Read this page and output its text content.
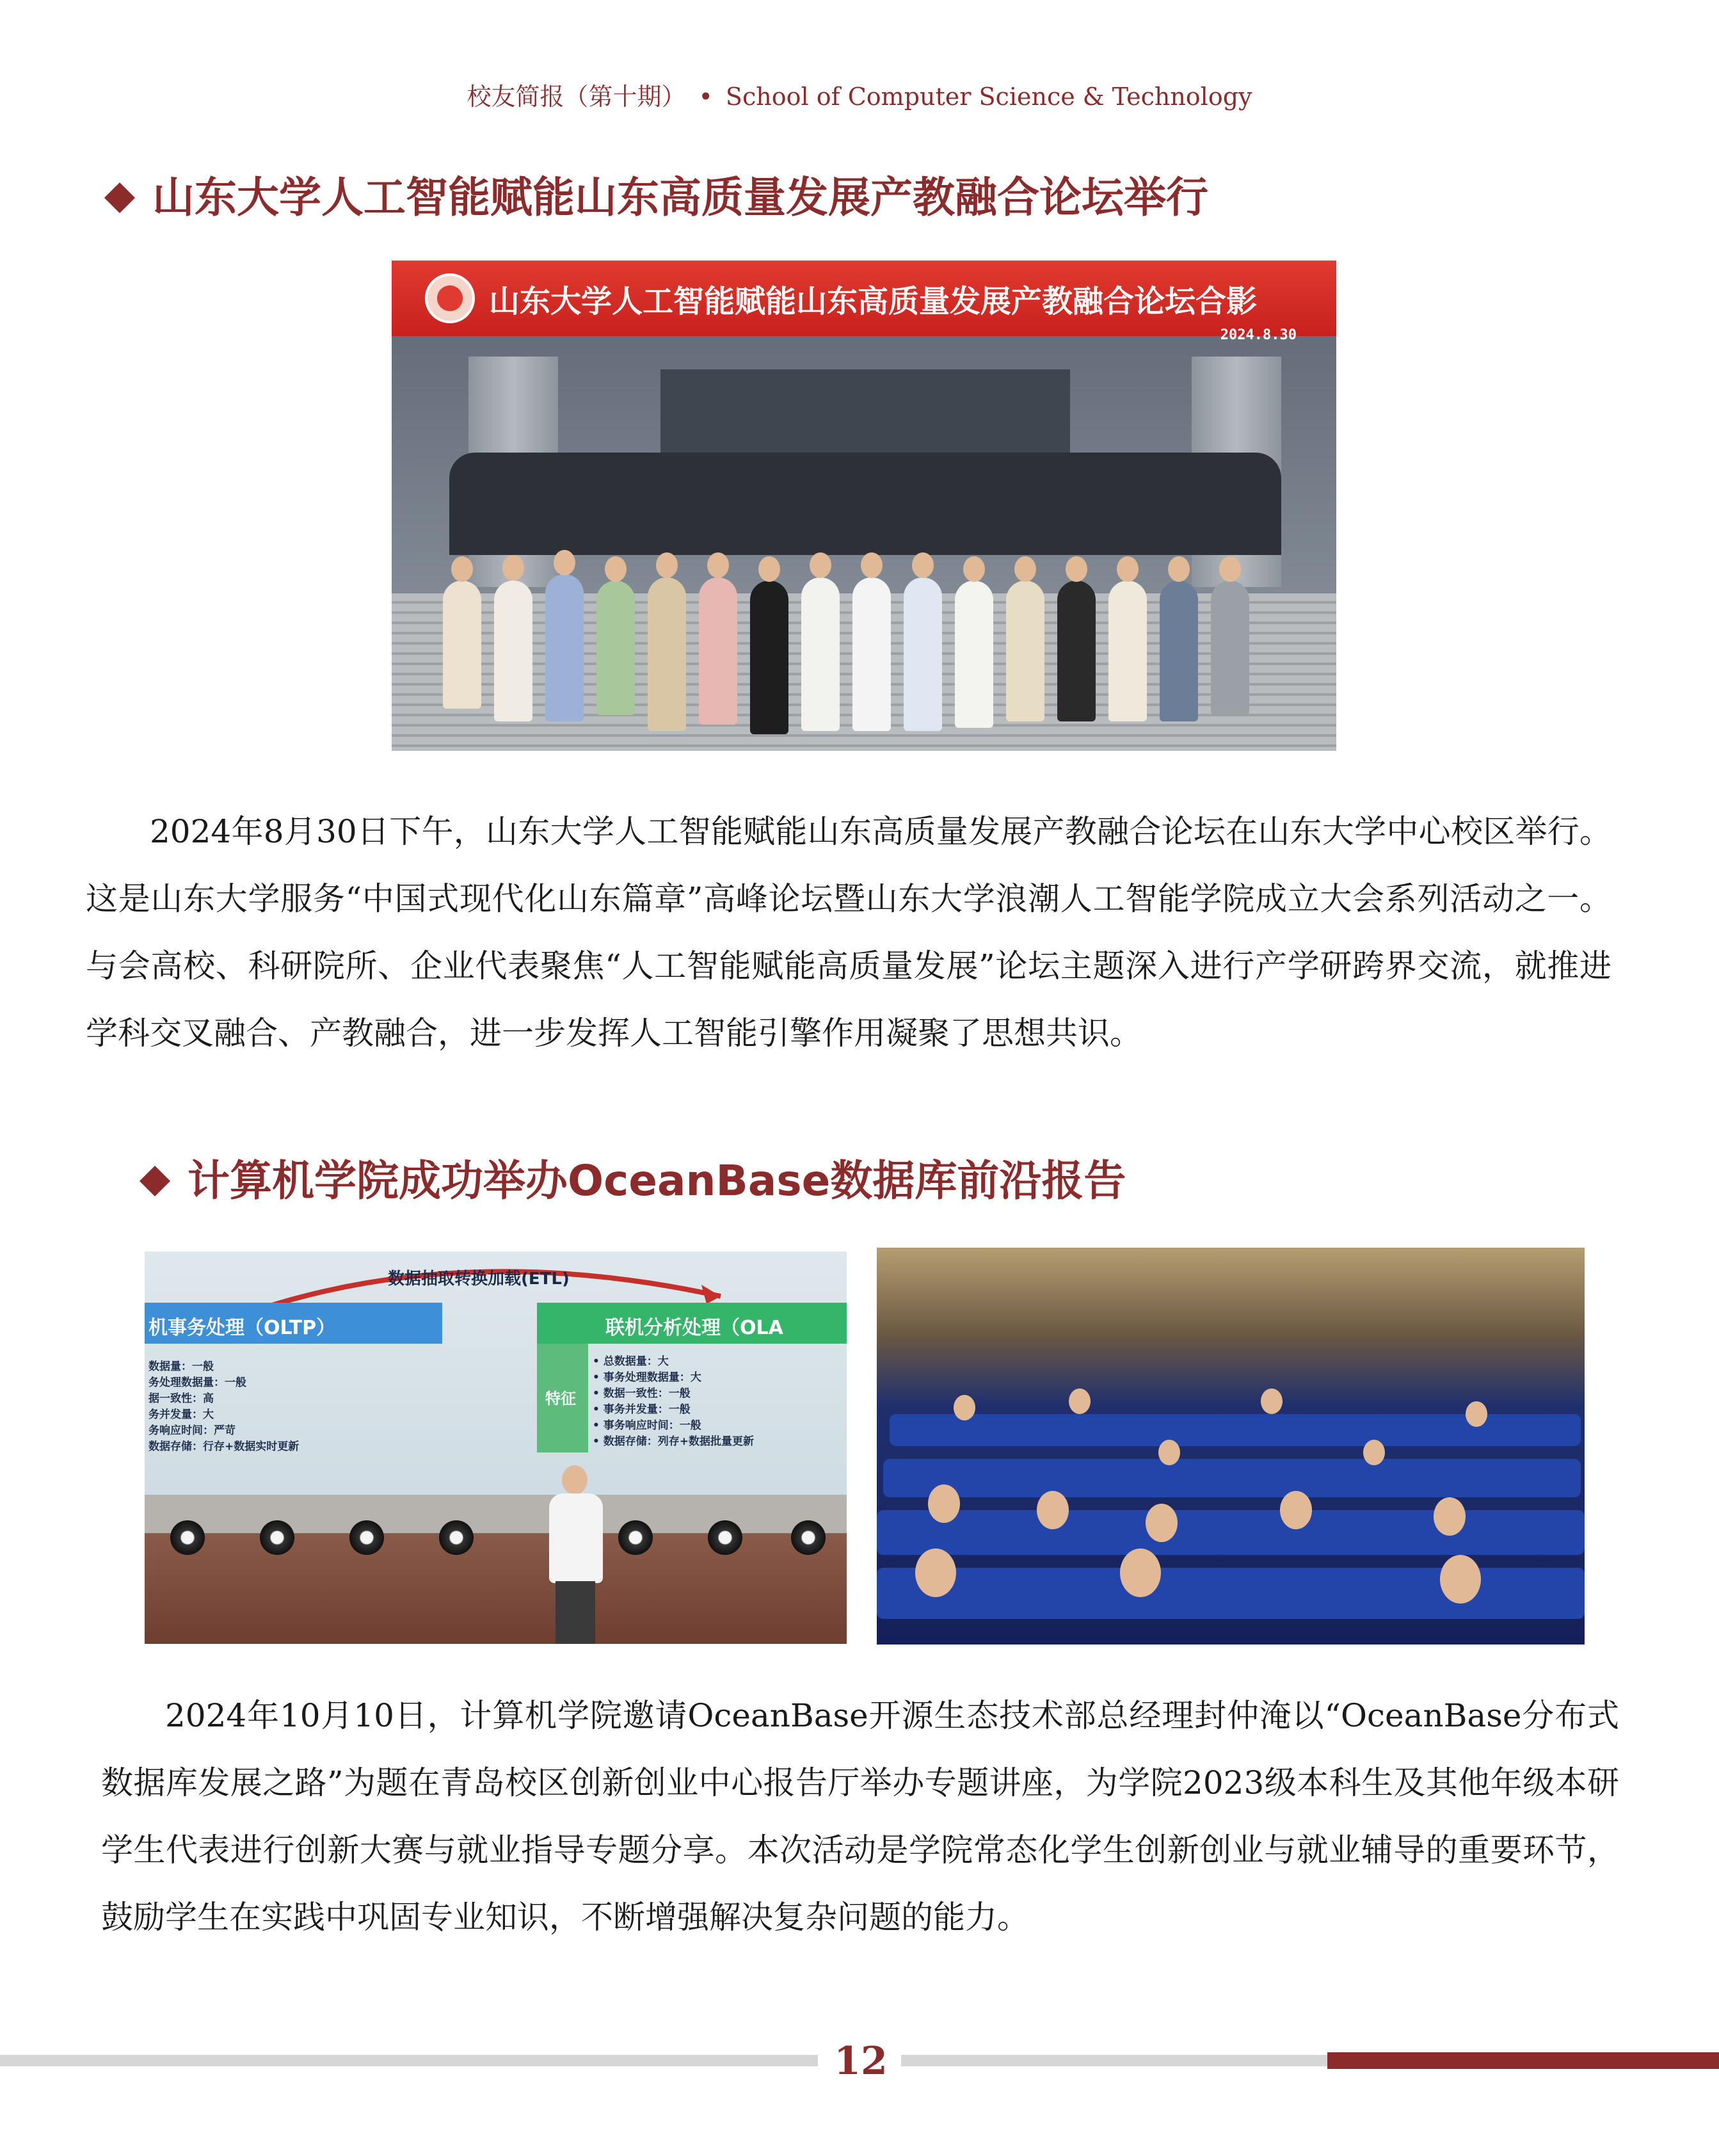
校友简报（第十期） • School of Computer Science & Technology
山东大学人工智能赋能山东高质量发展产教融合论坛举行
山东大学人工智能赋能山东高质量发展产教融合论坛合影
2024.8.30
2024年8月30日下午，山东大学人工智能赋能山东高质量发展产教融合论坛在山东大学中心校区举行。这是山东大学服务“中国式现代化山东篇章”高峰论坛暨山东大学浪潮人工智能学院成立大会系列活动之一。与会高校、科研院所、企业代表聚焦“人工智能赋能高质量发展”论坛主题深入进行产学研跨界交流，就推进学科交叉融合、产教融合，进一步发挥人工智能引擎作用凝聚了思想共识。
计算机学院成功举办OceanBase数据库前沿报告
数据抽取转换加载(ETL)
机事务处理（OLTP）
数据量：一般
务处理数据量：一般
据一致性：高
务并发量：大
务响应时间：严苛
数据存储：行存+数据实时更新
联机分析处理（OLA
特征
• 总数据量：大
• 事务处理数据量：大
• 数据一致性：一般
• 事务并发量：一般
• 事务响应时间：一般
• 数据存储：列存+数据批量更新
2024年10月10日，计算机学院邀请OceanBase开源生态技术部总经理封仲淹以“OceanBase分布式数据库发展之路”为题在青岛校区创新创业中心报告厅举办专题讲座，为学院2023级本科生及其他年级本研学生代表进行创新大赛与就业指导专题分享。本次活动是学院常态化学生创新创业与就业辅导的重要环节，鼓励学生在实践中巩固专业知识，不断增强解决复杂问题的能力。
12
